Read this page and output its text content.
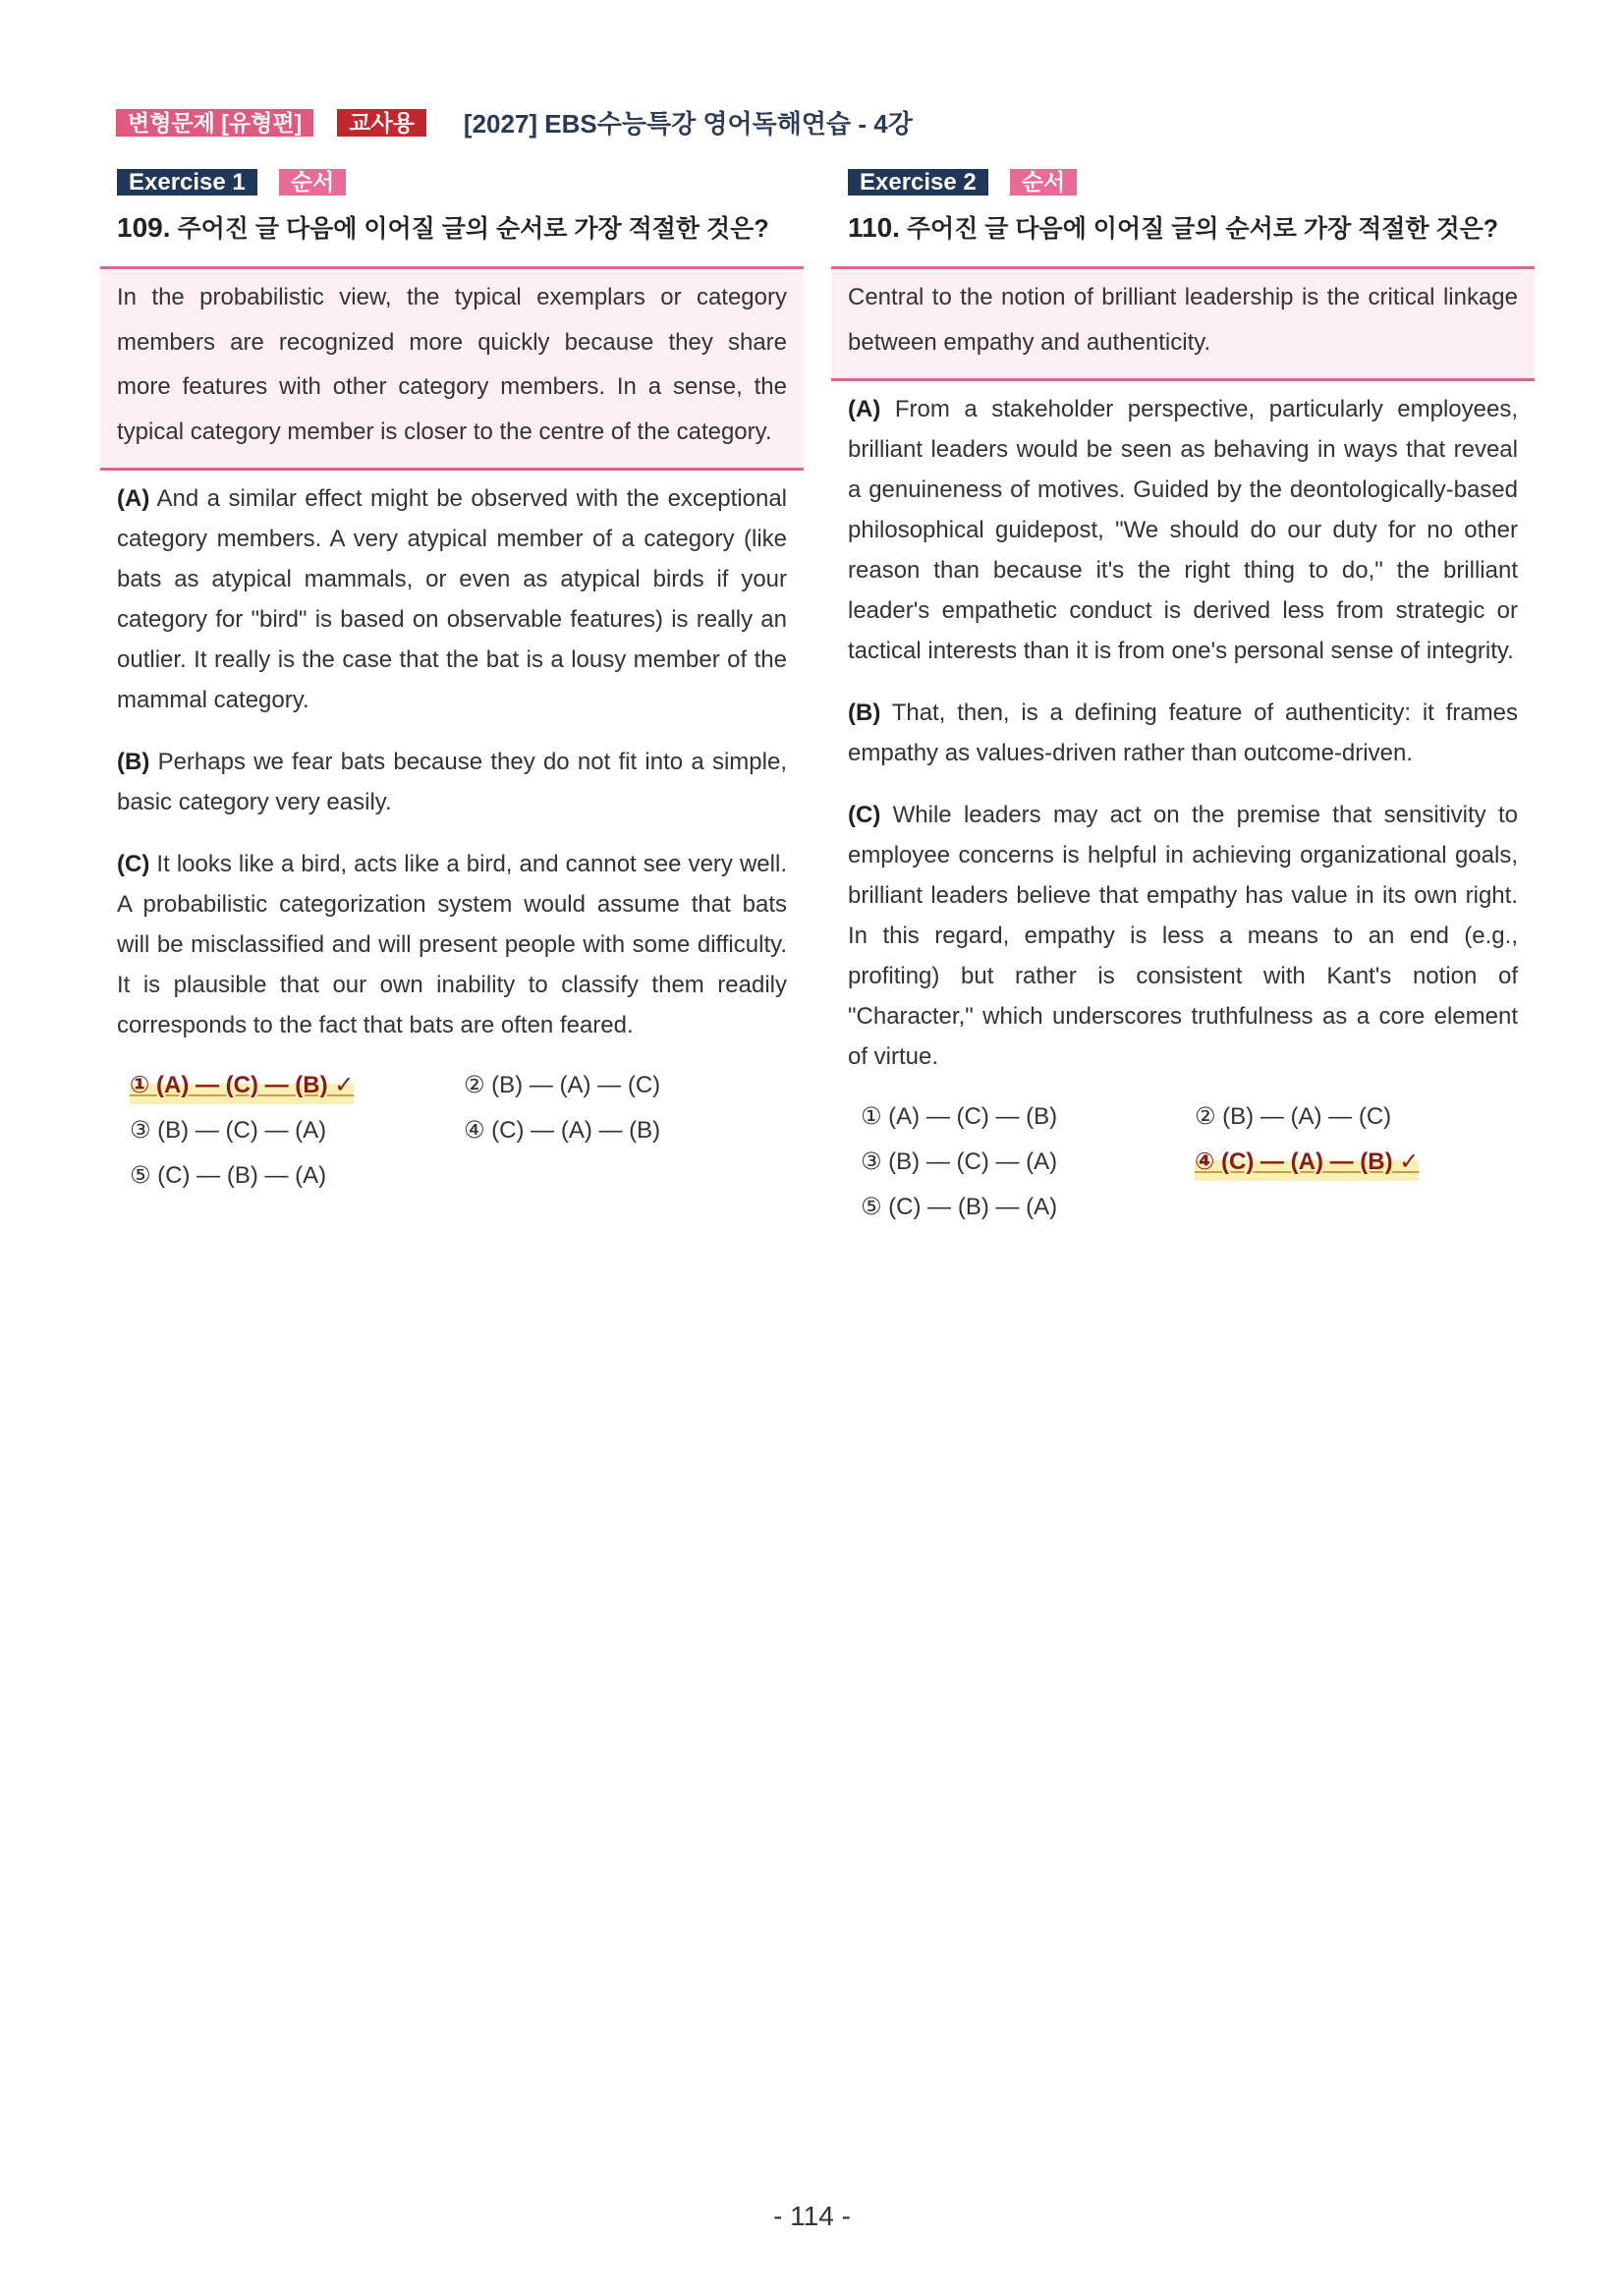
변형문제 [유형편]	교사용	[2027] EBS수능특강 영어독해연습 - 4강
Exercise 1	순서
109. 주어진 글 다음에 이어질 글의 순서로 가장 적절한 것은?
In the probabilistic view, the typical exemplars or category members are recognized more quickly because they share more features with other category members. In a sense, the typical category member is closer to the centre of the category.

(A) And a similar effect might be observed with the exceptional category members. A very atypical member of a category (like bats as atypical mammals, or even as atypical birds if your category for "bird" is based on observable features) is really an outlier. It really is the case that the bat is a lousy member of the mammal category.

(B) Perhaps we fear bats because they do not fit into a simple, basic category very easily.

(C) It looks like a bird, acts like a bird, and cannot see very well. A probabilistic categorization system would assume that bats will be misclassified and will present people with some difficulty. It is plausible that our own inability to classify them readily corresponds to the fact that bats are often feared.

① (A) — (C) — (B) ✓	② (B) — (A) — (C)
③ (B) — (C) — (A)	④ (C) — (A) — (B)
⑤ (C) — (B) — (A)
Exercise 2	순서
110. 주어진 글 다음에 이어질 글의 순서로 가장 적절한 것은?
Central to the notion of brilliant leadership is the critical linkage between empathy and authenticity.

(A) From a stakeholder perspective, particularly employees, brilliant leaders would be seen as behaving in ways that reveal a genuineness of motives. Guided by the deontologically-based philosophical guidepost, "We should do our duty for no other reason than because it's the right thing to do," the brilliant leader's empathetic conduct is derived less from strategic or tactical interests than it is from one's personal sense of integrity.

(B) That, then, is a defining feature of authenticity: it frames empathy as values-driven rather than outcome-driven.

(C) While leaders may act on the premise that sensitivity to employee concerns is helpful in achieving organizational goals, brilliant leaders believe that empathy has value in its own right. In this regard, empathy is less a means to an end (e.g., profiting) but rather is consistent with Kant's notion of "Character," which underscores truthfulness as a core element of virtue.

① (A) — (C) — (B)	② (B) — (A) — (C)
③ (B) — (C) — (A)	④ (C) — (A) — (B) ✓
⑤ (C) — (B) — (A)
- 114 -
